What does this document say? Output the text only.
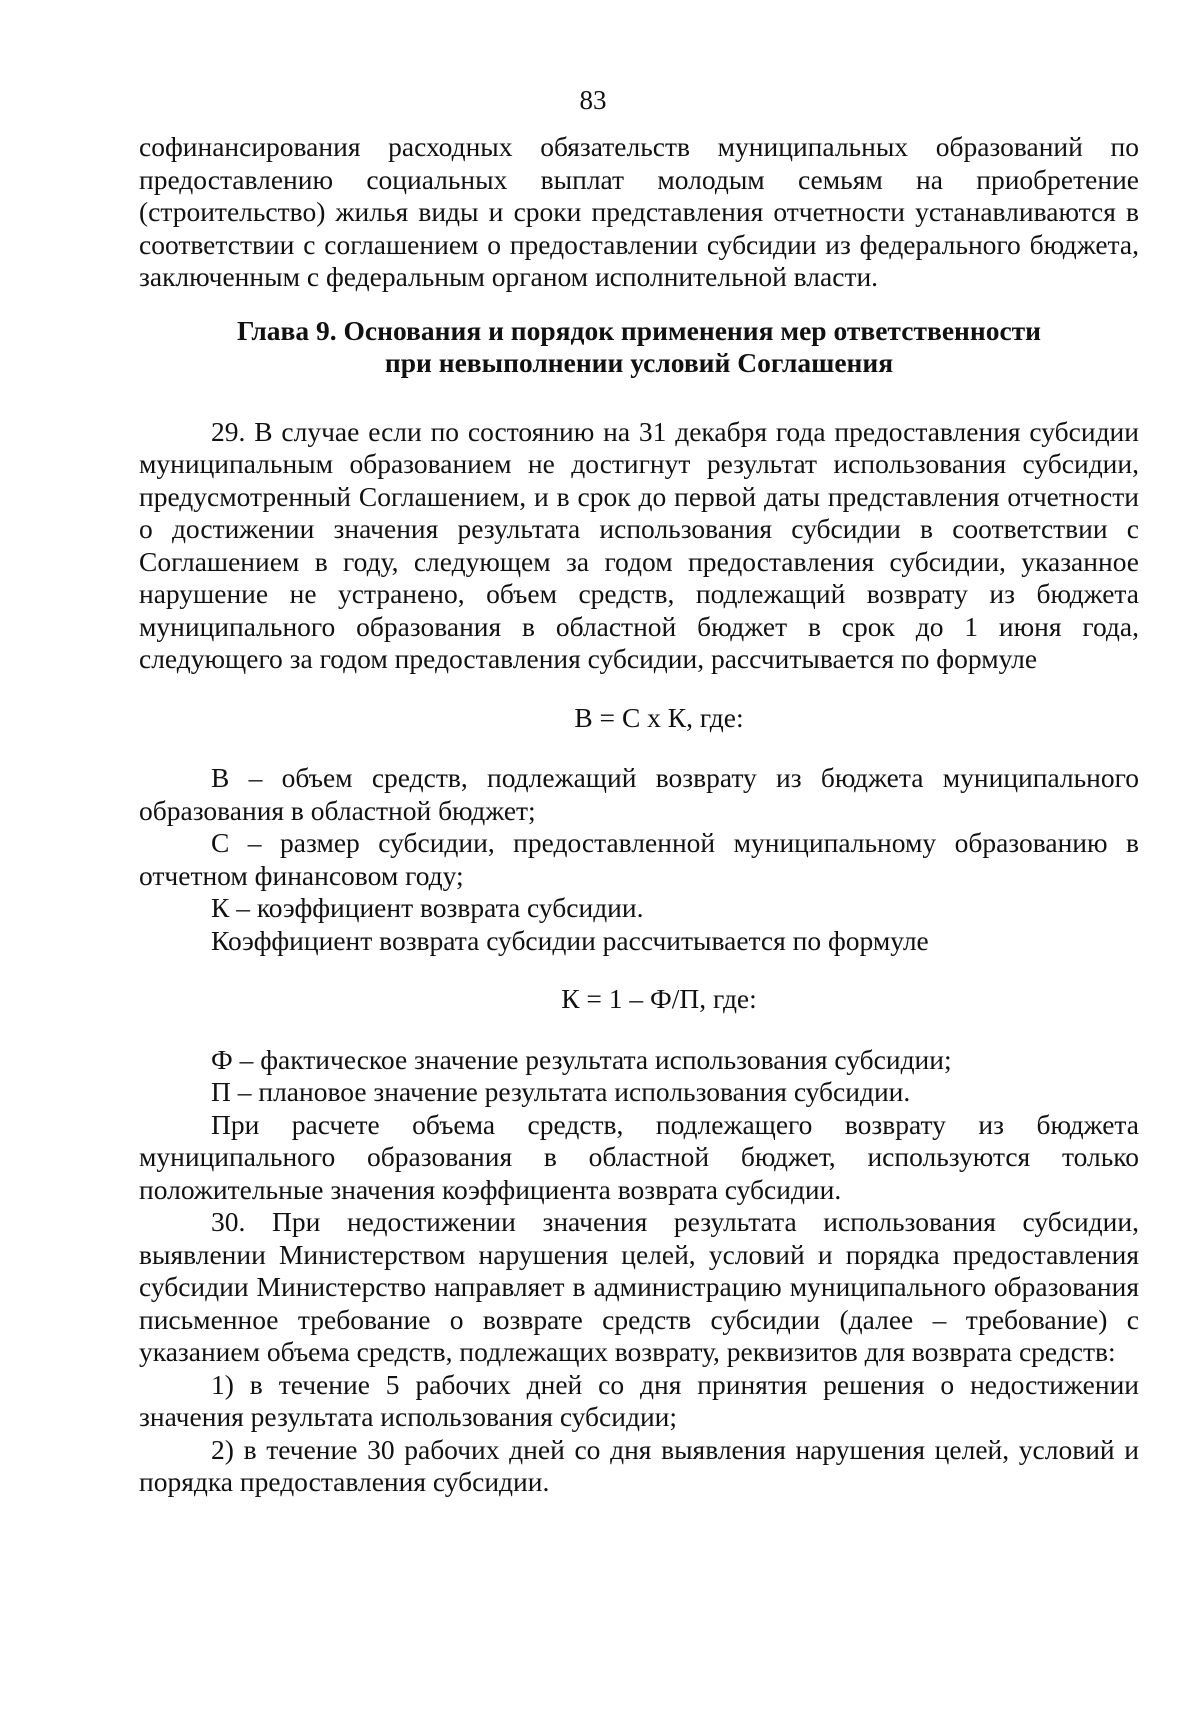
83

софинансирования расходных обязательств муниципальных образований по предоставлению социальных выплат молодым семьям на приобретение (строительство) жилья виды и сроки представления отчетности устанавливаются в соответствии с соглашением о предоставлении субсидии из федерального бюджета, заключенным с федеральным органом исполнительной власти.

Глава 9. Основания и порядок применения мер ответственности
при невыполнении условий Соглашения

29. В случае если по состоянию на 31 декабря года предоставления субсидии муниципальным образованием не достигнут результат использования субсидии, предусмотренный Соглашением, и в срок до первой даты представления отчетности о достижении значения результата использования субсидии в соответствии с Соглашением в году, следующем за годом предоставления субсидии, указанное нарушение не устранено, объем средств, подлежащий возврату из бюджета муниципального образования в областной бюджет в срок до 1 июня года, следующего за годом предоставления субсидии, рассчитывается по формуле

В = С х К, где:

В – объем средств, подлежащий возврату из бюджета муниципального образования в областной бюджет;

С – размер субсидии, предоставленной муниципальному образованию в отчетном финансовом году;

К – коэффициент возврата субсидии.

Коэффициент возврата субсидии рассчитывается по формуле

К = 1 – Ф/П, где:

Ф – фактическое значение результата использования субсидии;

П – плановое значение результата использования субсидии.

При расчете объема средств, подлежащего возврату из бюджета муниципального образования в областной бюджет, используются только положительные значения коэффициента возврата субсидии.

30. При недостижении значения результата использования субсидии, выявлении Министерством нарушения целей, условий и порядка предоставления субсидии Министерство направляет в администрацию муниципального образования письменное требование о возврате средств субсидии (далее – требование) с указанием объема средств, подлежащих возврату, реквизитов для возврата средств:

1) в течение 5 рабочих дней со дня принятия решения о недостижении значения результата использования субсидии;

2) в течение 30 рабочих дней со дня выявления нарушения целей, условий и порядка предоставления субсидии.
